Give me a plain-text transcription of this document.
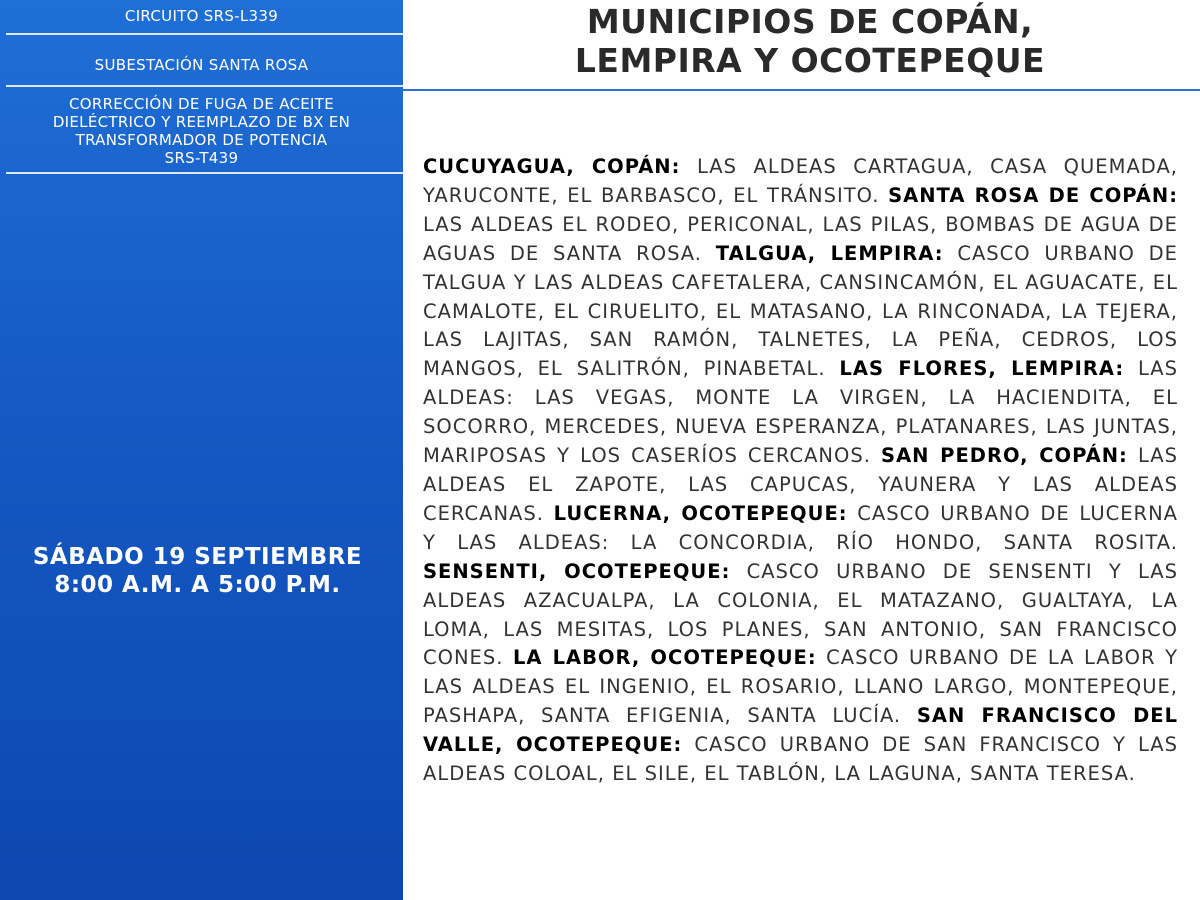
CIRCUITO SRS-L339
SUBESTACIÓN SANTA ROSA
CORRECCIÓN DE FUGA DE ACEITE
DIELÉCTRICO Y REEMPLAZO DE BX EN
TRANSFORMADOR DE POTENCIA
SRS-T439
SÁBADO 19 SEPTIEMBRE
8:00 A.M. A 5:00 P.M.
MUNICIPIOS DE COPÁN,
LEMPIRA Y OCOTEPEQUE
CUCUYAGUA, COPÁN: LAS ALDEAS CARTAGUA, CASA QUEMADA, YARUCONTE, EL BARBASCO, EL TRÁNSITO. SANTA ROSA DE COPÁN: LAS ALDEAS EL RODEO, PERICONAL, LAS PILAS, BOMBAS DE AGUA DE AGUAS DE SANTA ROSA. TALGUA, LEMPIRA: CASCO URBANO DE TALGUA Y LAS ALDEAS CAFETALERA, CANSINCAMÓN, EL AGUACATE, EL CAMALOTE, EL CIRUELITO, EL MATASANO, LA RINCONADA, LA TEJERA, LAS LAJITAS, SAN RAMÓN, TALNETES, LA PEÑA, CEDROS, LOS MANGOS, EL SALITRÓN, PINABETAL. LAS FLORES, LEMPIRA: LAS ALDEAS: LAS VEGAS, MONTE LA VIRGEN, LA HACIENDITA, EL SOCORRO, MERCEDES, NUEVA ESPERANZA, PLATANARES, LAS JUNTAS, MARIPOSAS Y LOS CASERÍOS CERCANOS. SAN PEDRO, COPÁN: LAS ALDEAS EL ZAPOTE, LAS CAPUCAS, YAUNERA Y LAS ALDEAS CERCANAS. LUCERNA, OCOTEPEQUE: CASCO URBANO DE LUCERNA Y LAS ALDEAS: LA CONCORDIA, RÍO HONDO, SANTA ROSITA. SENSENTI, OCOTEPEQUE: CASCO URBANO DE SENSENTI Y LAS ALDEAS AZACUALPA, LA COLONIA, EL MATAZANO, GUALTAYA, LA LOMA, LAS MESITAS, LOS PLANES, SAN ANTONIO, SAN FRANCISCO CONES. LA LABOR, OCOTEPEQUE: CASCO URBANO DE LA LABOR Y LAS ALDEAS EL INGENIO, EL ROSARIO, LLANO LARGO, MONTEPEQUE, PASHAPA, SANTA EFIGENIA, SANTA LUCÍA. SAN FRANCISCO DEL VALLE, OCOTEPEQUE: CASCO URBANO DE SAN FRANCISCO Y LAS ALDEAS COLOAL, EL SILE, EL TABLÓN, LA LAGUNA, SANTA TERESA.
